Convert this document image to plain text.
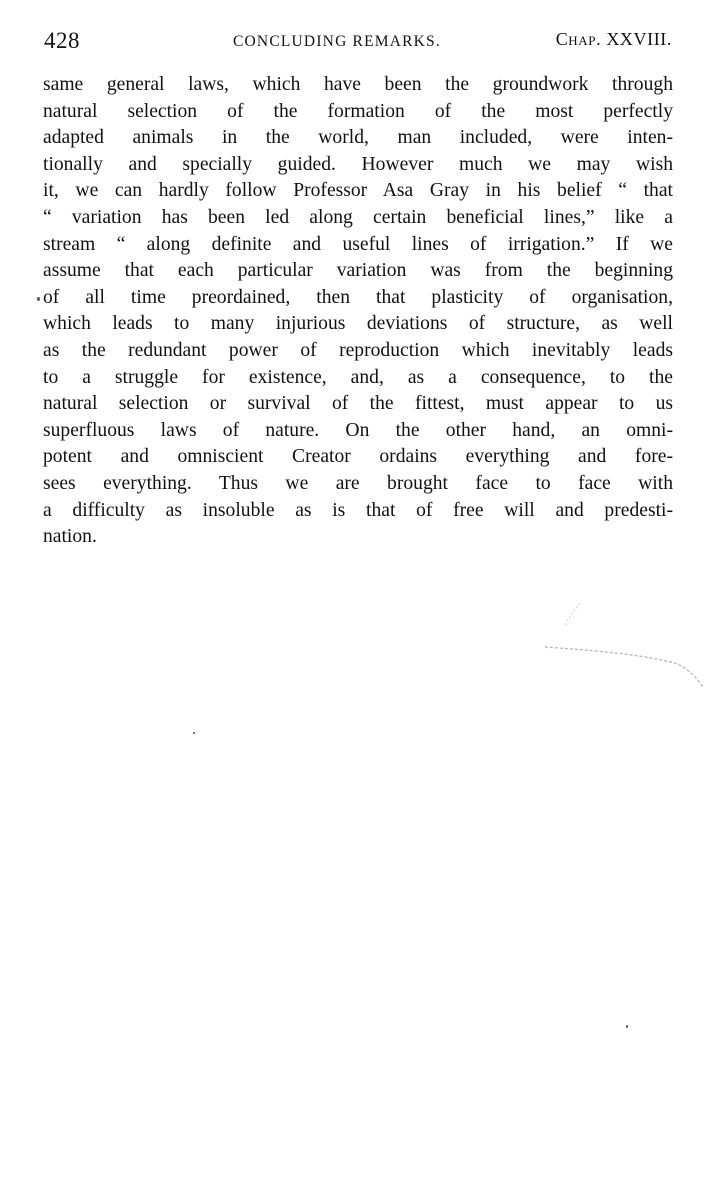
428	CONCLUDING REMARKS.	Chap. XXVIII.
same general laws, which have been the groundwork through
natural selection of the formation of the most perfectly
adapted animals in the world, man included, were inten-
tionally and specially guided. However much we may wish
it, we can hardly follow Professor Asa Gray in his belief “ that
“ variation has been led along certain beneficial lines,” like a
stream “ along definite and useful lines of irrigation.” If we
assume that each particular variation was from the beginning
of all time preordained, then that plasticity of organisation,
which leads to many injurious deviations of structure, as well
as the redundant power of reproduction which inevitably leads
to a struggle for existence, and, as a consequence, to the
natural selection or survival of the fittest, must appear to us
superfluous laws of nature. On the other hand, an omni-
potent and omniscient Creator ordains everything and fore-
sees everything. Thus we are brought face to face with
a difficulty as insoluble as is that of free will and predesti-
nation.
